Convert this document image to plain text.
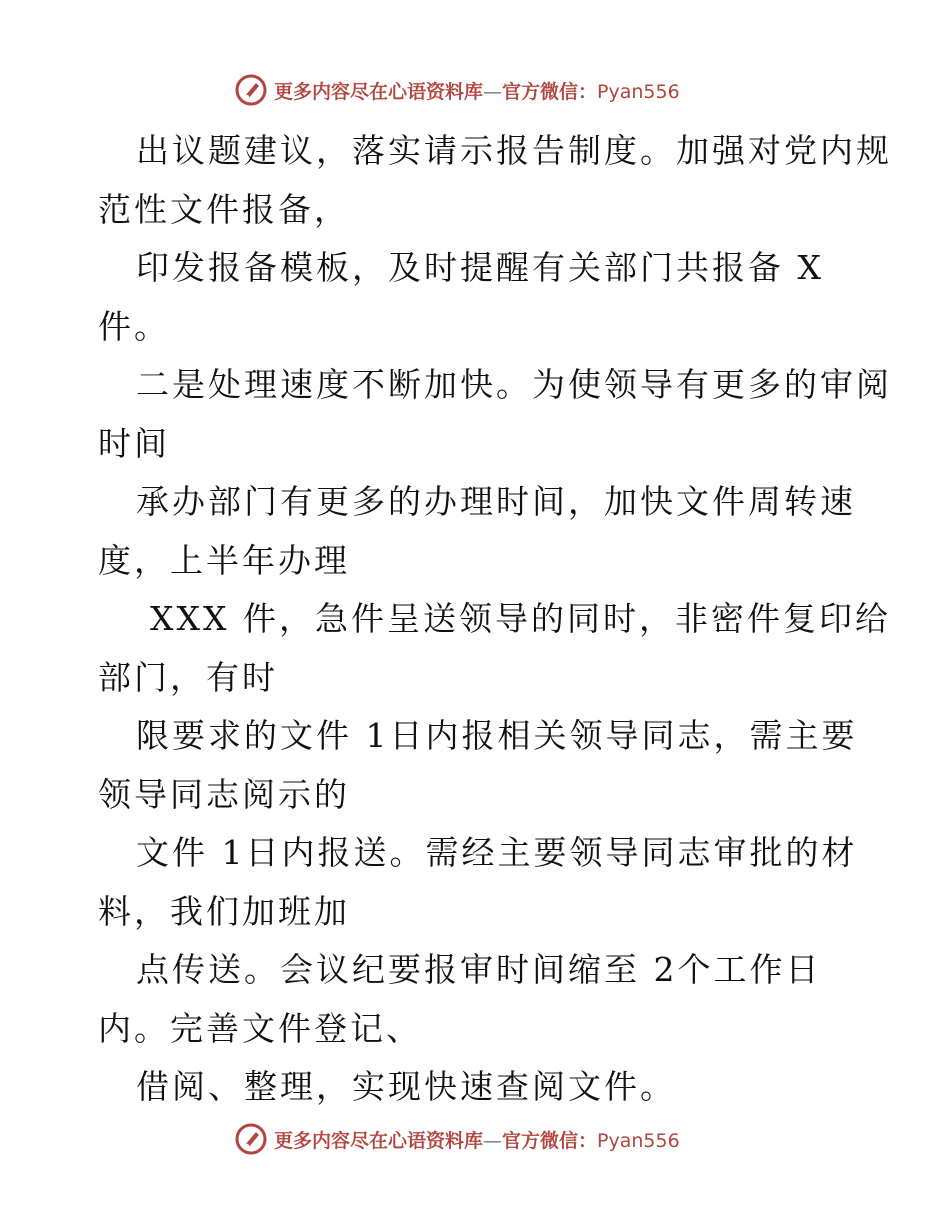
更多内容尽在心语资料库—官方微信：Pyan556
出议题建议，落实请示报告制度。加强对党内规
范性文件报备，
印发报备模板，及时提醒有关部门共报备 X
件。
二是处理速度不断加快。为使领导有更多的审阅
时间
承办部门有更多的办理时间，加快文件周转速
度，上半年办理
XXX 件，急件呈送领导的同时，非密件复印给
部门，有时
限要求的文件 1日内报相关领导同志，需主要
领导同志阅示的
文件 1日内报送。需经主要领导同志审批的材
料，我们加班加
点传送。会议纪要报审时间缩至 2个工作日
内。完善文件登记、
借阅、整理，实现快速查阅文件。
更多内容尽在心语资料库—官方微信：Pyan556
